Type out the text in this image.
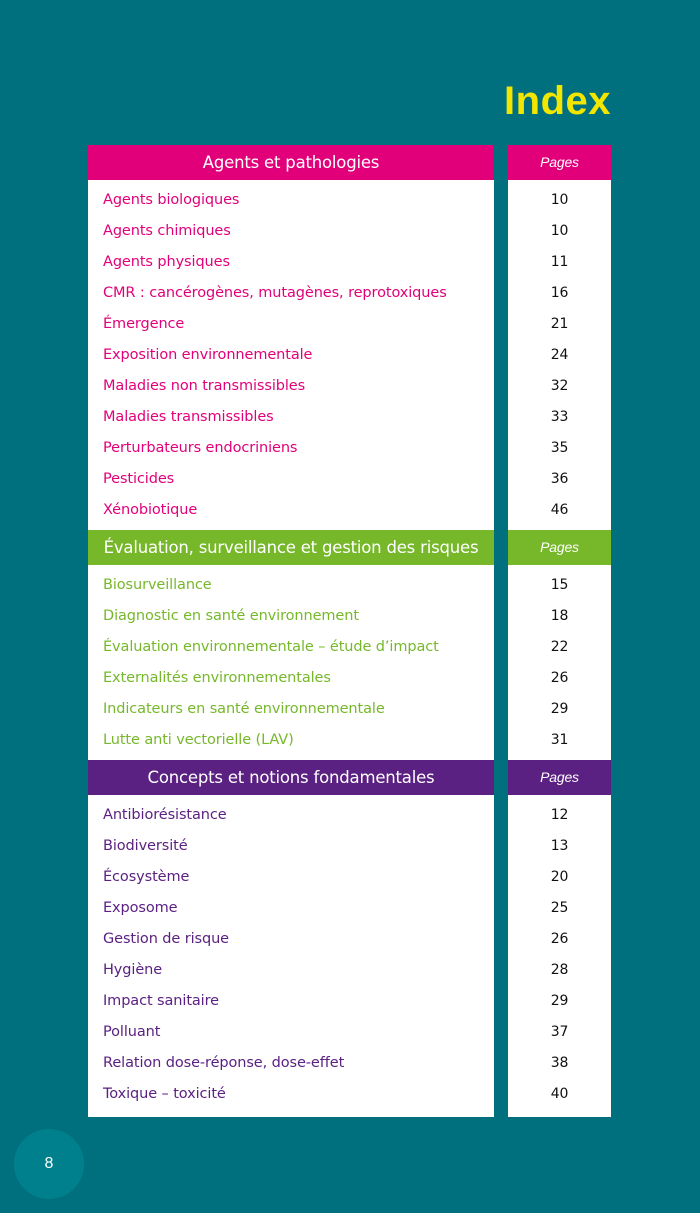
Index
Agents et pathologies
Agents biologiques
Agents chimiques
Agents physiques
CMR : cancérogènes, mutagènes, reprotoxiques
Émergence
Exposition environnementale
Maladies non transmissibles
Maladies transmissibles
Perturbateurs endocriniens
Pesticides
Xénobiotique
Pages
10
10
11
16
21
24
32
33
35
36
46
Évaluation, surveillance et gestion des risques
Biosurveillance
Diagnostic en santé environnement
Évaluation environnementale – étude d’impact
Externalités environnementales
Indicateurs en santé environnementale
Lutte anti vectorielle (LAV)
Pages
15
18
22
26
29
31
Concepts et notions fondamentales
Antibiorésistance
Biodiversité
Écosystème
Exposome
Gestion de risque
Hygiène
Impact sanitaire
Polluant
Relation dose-réponse, dose-effet
Toxique – toxicité
Pages
12
13
20
25
26
28
29
37
38
40
8
